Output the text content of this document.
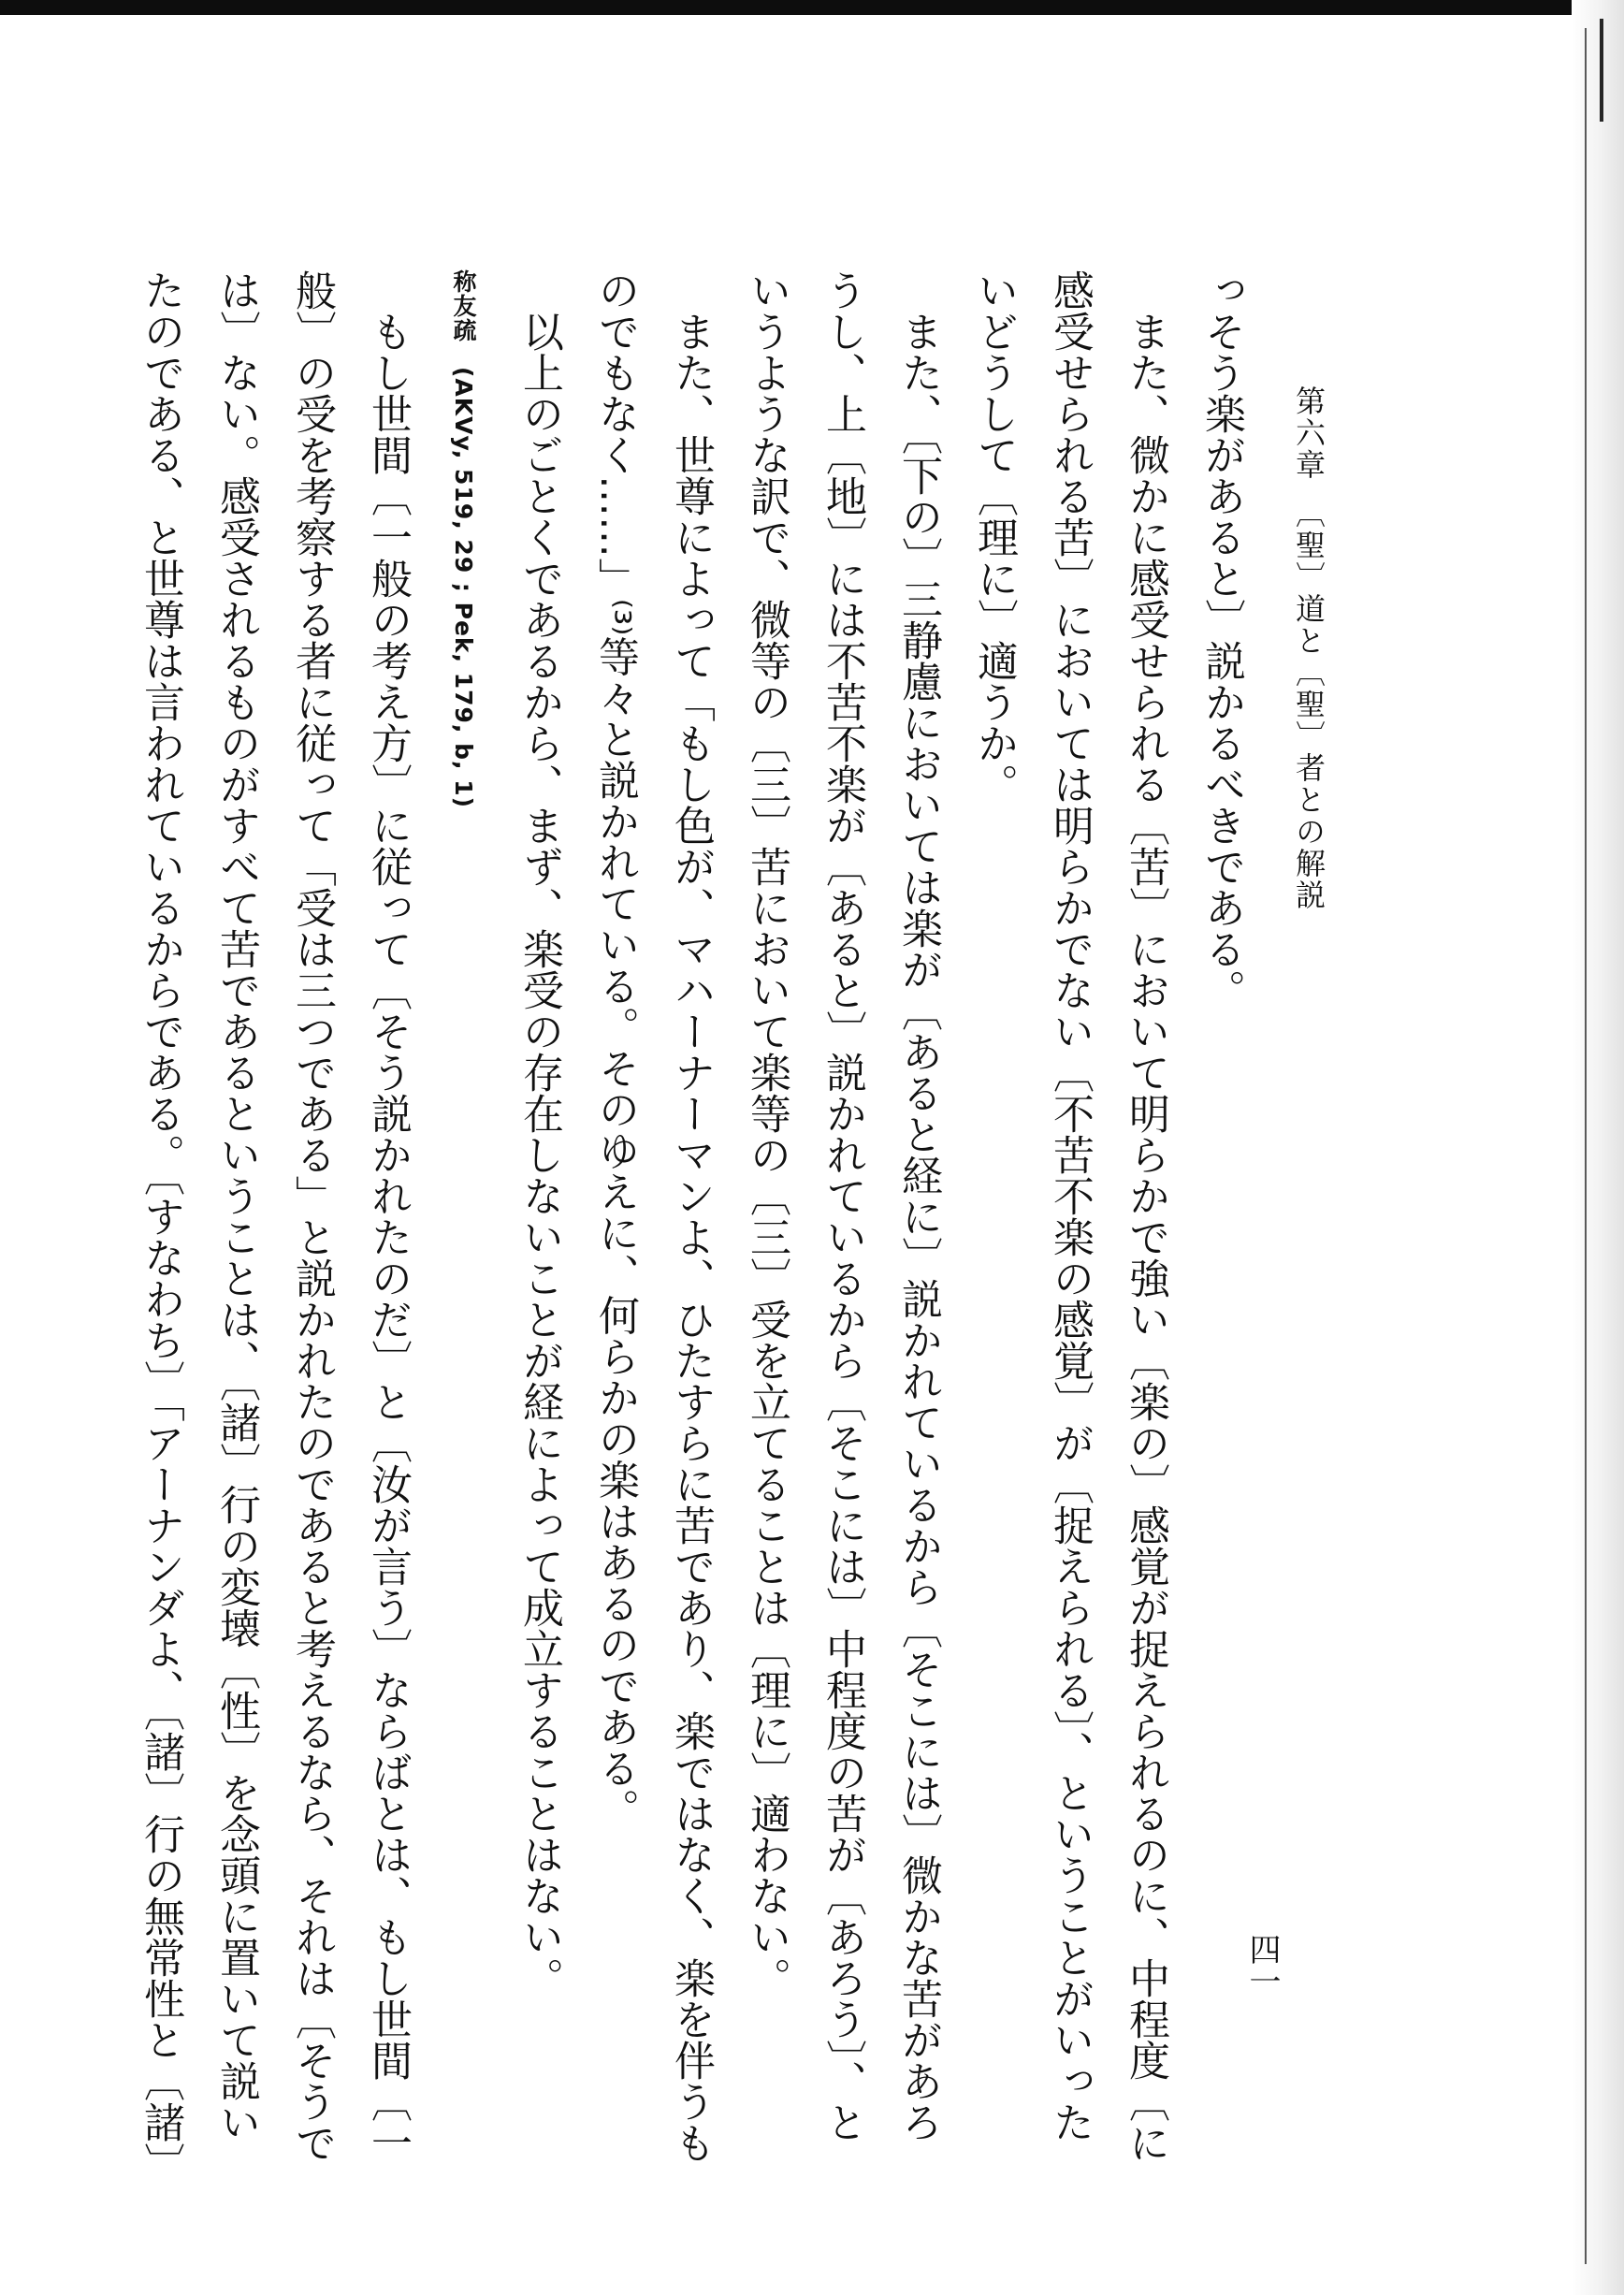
第六章　〔聖〕道と〔聖〕者との解説
四一

っそう楽があると〕説かるべきである。

　また、微かに感受せられる〔苦〕において明らかで強い〔楽の〕感覚が捉えられるのに、中程度〔に

感受せられる苦〕においては明らかでない〔不苦不楽の感覚〕が〔捉えられる〕、ということがいった

いどうして〔理に〕適うか。

　また、〔下の〕三静慮においては楽が〔あると経に〕説かれているから〔そこには〕微かな苦があろ

うし、上〔地〕には不苦不楽が〔あると〕説かれているから〔そこには〕中程度の苦が〔あろう〕、と

いうような訳で、微等の〔三〕苦において楽等の〔三〕受を立てることは〔理に〕適わない。

　また、世尊によって「もし色が、マハーナーマンよ、ひたすらに苦であり、楽ではなく、楽を伴うも

のでもなく……」⁽³⁾等々と説かれている。そのゆえに、何らかの楽はあるのである。

　以上のごとくであるから、まず、楽受の存在しないことが経によって成立することはない。

称友疏　(AKVy, 519, 29 ; Pek, 179, b, 1)

　もし世間〔一般の考え方〕に従って〔そう説かれたのだ〕と〔汝が言う〕ならばとは、もし世間〔一

般〕の受を考察する者に従って「受は三つである」と説かれたのであると考えるなら、それは〔そうで

は〕ない。感受されるものがすべて苦であるということは、〔諸〕行の変壊〔性〕を念頭に置いて説い

たのである、と世尊は言われているからである。〔すなわち〕「アーナンダよ、〔諸〕行の無常性と〔諸〕
